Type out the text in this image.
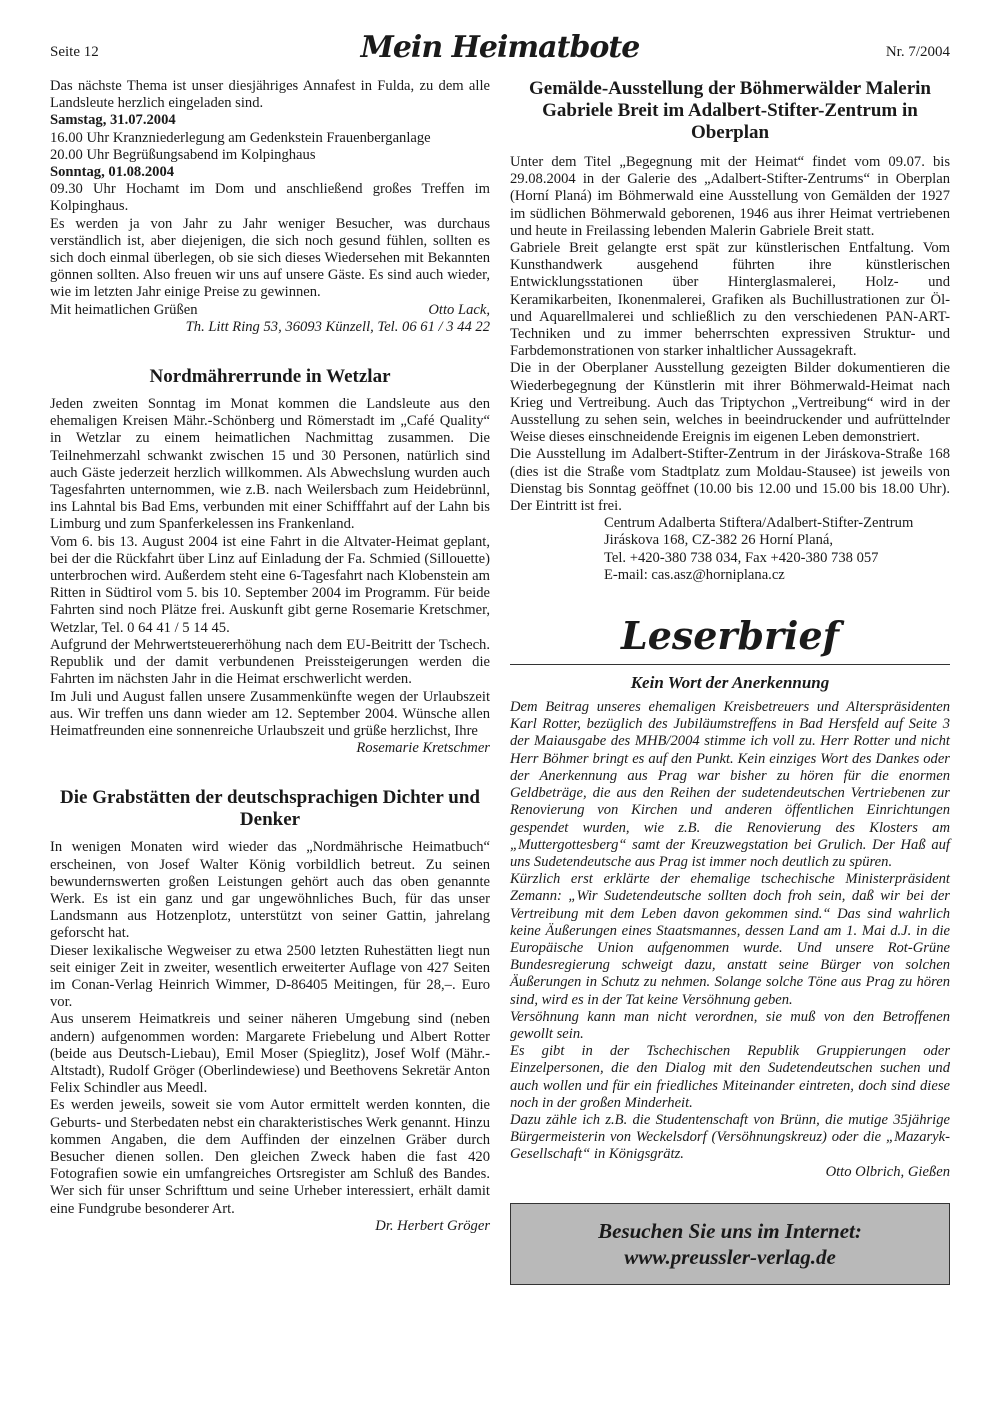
Seite 12	Mein Heimatbote	Nr. 7/2004

Das nächste Thema ist unser diesjähriges Annafest in Fulda, zu dem alle Landsleute herzlich eingeladen sind.

Samstag, 31.07.2004

16.00 Uhr Kranzniederlegung am Gedenkstein Frauenberganlage

20.00 Uhr Begrüßungsabend im Kolpinghaus

Sonntag, 01.08.2004

09.30 Uhr Hochamt im Dom und anschließend großes Treffen im Kolpinghaus.

Es werden ja von Jahr zu Jahr weniger Besucher, was durchaus verständlich ist, aber diejenigen, die sich noch gesund fühlen, sollten es sich doch einmal überlegen, ob sie sich dieses Wiedersehen mit Bekannten gönnen sollten. Also freuen wir uns auf unsere Gäste. Es sind auch wieder, wie im letzten Jahr einige Preise zu gewinnen.

Mit heimatlichen Grüßen	Otto Lack,

Th. Litt Ring 53, 36093 Künzell, Tel. 06 61 / 3 44 22

Nordmährerrunde in Wetzlar

Jeden zweiten Sonntag im Monat kommen die Landsleute aus den ehemaligen Kreisen Mähr.-Schönberg und Römerstadt im „Café Quality“ in Wetzlar zu einem heimatlichen Nachmittag zusammen. Die Teilnehmerzahl schwankt zwischen 15 und 30 Personen, natürlich sind auch Gäste jederzeit herzlich willkommen. Als Abwechslung wurden auch Tagesfahrten unternommen, wie z.B. nach Weilersbach zum Heidebrünnl, ins Lahntal bis Bad Ems, verbunden mit einer Schifffahrt auf der Lahn bis Limburg und zum Spanferkelessen ins Frankenland.

Vom 6. bis 13. August 2004 ist eine Fahrt in die Altvater-Heimat geplant, bei der die Rückfahrt über Linz auf Einladung der Fa. Schmied (Sillouette) unterbrochen wird. Außerdem steht eine 6-Tagesfahrt nach Klobenstein am Ritten in Südtirol vom 5. bis 10. September 2004 im Programm. Für beide Fahrten sind noch Plätze frei. Auskunft gibt gerne Rosemarie Kretschmer, Wetzlar, Tel. 0 64 41 / 5 14 45.

Aufgrund der Mehrwertsteuererhöhung nach dem EU-Beitritt der Tschech. Republik und der damit verbundenen Preissteigerungen werden die Fahrten im nächsten Jahr in die Heimat erschwerlicht werden.

Im Juli und August fallen unsere Zusammenkünfte wegen der Urlaubszeit aus. Wir treffen uns dann wieder am 12. September 2004. Wünsche allen Heimatfreunden eine sonnenreiche Urlaubszeit und grüße herzlichst, Ihre

Rosemarie Kretschmer

Die Grabstätten der deutschsprachigen Dichter und Denker

In wenigen Monaten wird wieder das „Nordmährische Heimatbuch“ erscheinen, von Josef Walter König vorbildlich betreut. Zu seinen bewundernswerten großen Leistungen gehört auch das oben genannte Werk. Es ist ein ganz und gar ungewöhnliches Buch, für das unser Landsmann aus Hotzenplotz, unterstützt von seiner Gattin, jahrelang geforscht hat.

Dieser lexikalische Wegweiser zu etwa 2500 letzten Ruhestätten liegt nun seit einiger Zeit in zweiter, wesentlich erweiterter Auflage von 427 Seiten im Conan-Verlag Heinrich Wimmer, D-86405 Meitingen, für 28,–. Euro vor.

Aus unserem Heimatkreis und seiner näheren Umgebung sind (neben andern) aufgenommen worden: Margarete Friebelung und Albert Rotter (beide aus Deutsch-Liebau), Emil Moser (Spieglitz), Josef Wolf (Mähr.-Altstadt), Rudolf Gröger (Oberlindewiese) und Beethovens Sekretär Anton Felix Schindler aus Meedl.

Es werden jeweils, soweit sie vom Autor ermittelt werden konnten, die Geburts- und Sterbedaten nebst ein charakteristisches Werk genannt. Hinzu kommen Angaben, die dem Auffinden der einzelnen Gräber durch Besucher dienen sollen. Den gleichen Zweck haben die fast 420 Fotografien sowie ein umfangreiches Ortsregister am Schluß des Bandes. Wer sich für unser Schrifttum und seine Urheber interessiert, erhält damit eine Fundgrube besonderer Art.

Dr. Herbert Gröger

Gemälde-Ausstellung der Böhmerwälder Malerin Gabriele Breit im Adalbert-Stifter-Zentrum in Oberplan

Unter dem Titel „Begegnung mit der Heimat“ findet vom 09.07. bis 29.08.2004 in der Galerie des „Adalbert-Stifter-Zentrums“ in Oberplan (Horní Planá) im Böhmerwald eine Ausstellung von Gemälden der 1927 im südlichen Böhmerwald geborenen, 1946 aus ihrer Heimat vertriebenen und heute in Freilassing lebenden Malerin Gabriele Breit statt.

Gabriele Breit gelangte erst spät zur künstlerischen Entfaltung. Vom Kunsthandwerk ausgehend führten ihre künstlerischen Entwicklungsstationen über Hinterglasmalerei, Holz- und Keramikarbeiten, Ikonenmalerei, Grafiken als Buchillustrationen zur Öl- und Aquarellmalerei und schließlich zu den verschiedenen PAN-ART-Techniken und zu immer beherrschten expressiven Struktur- und Farbdemonstrationen von starker inhaltlicher Aussagekraft.

Die in der Oberplaner Ausstellung gezeigten Bilder dokumentieren die Wiederbegegnung der Künstlerin mit ihrer Böhmerwald-Heimat nach Krieg und Vertreibung. Auch das Triptychon „Vertreibung“ wird in der Ausstellung zu sehen sein, welches in beeindruckender und aufrüttelnder Weise dieses einschneidende Ereignis im eigenen Leben demonstriert.

Die Ausstellung im Adalbert-Stifter-Zentrum in der Jiráskova-Straße 168 (dies ist die Straße vom Stadtplatz zum Moldau-Stausee) ist jeweils von Dienstag bis Sonntag geöffnet (10.00 bis 12.00 und 15.00 bis 18.00 Uhr). Der Eintritt ist frei.

Centrum Adalberta Stiftera/Adalbert-Stifter-Zentrum

Jiráskova 168, CZ-382 26 Horní Planá,

Tel. +420-380 738 034, Fax +420-380 738 057

E-mail: cas.asz@horniplana.cz

Leserbrief
Kein Wort der Anerkennung

Dem Beitrag unseres ehemaligen Kreisbetreuers und Alterspräsidenten Karl Rotter, bezüglich des Jubiläumstreffens in Bad Hersfeld auf Seite 3 der Maiausgabe des MHB/2004 stimme ich voll zu. Herr Rotter und nicht Herr Böhmer bringt es auf den Punkt. Kein einziges Wort des Dankes oder der Anerkennung aus Prag war bisher zu hören für die enormen Geldbeträge, die aus den Reihen der sudetendeutschen Vertriebenen zur Renovierung von Kirchen und anderen öffentlichen Einrichtungen gespendet wurden, wie z.B. die Renovierung des Klosters am „Muttergottesberg“ samt der Kreuzwegstation bei Grulich. Der Haß auf uns Sudetendeutsche aus Prag ist immer noch deutlich zu spüren.

Kürzlich erst erklärte der ehemalige tschechische Ministerpräsident Zemann: „Wir Sudetendeutsche sollten doch froh sein, daß wir bei der Vertreibung mit dem Leben davon gekommen sind.“ Das sind wahrlich keine Äußerungen eines Staatsmannes, dessen Land am 1. Mai d.J. in die Europäische Union aufgenommen wurde. Und unsere Rot-Grüne Bundesregierung schweigt dazu, anstatt seine Bürger von solchen Äußerungen in Schutz zu nehmen. Solange solche Töne aus Prag zu hören sind, wird es in der Tat keine Versöhnung geben.

Versöhnung kann man nicht verordnen, sie muß von den Betroffenen gewollt sein.

Es gibt in der Tschechischen Republik Gruppierungen oder Einzelpersonen, die den Dialog mit den Sudetendeutschen suchen und auch wollen und für ein friedliches Miteinander eintreten, doch sind diese noch in der großen Minderheit.

Dazu zähle ich z.B. die Studentenschaft von Brünn, die mutige 35jährige Bürgermeisterin von Weckelsdorf (Versöhnungskreuz) oder die „Mazaryk-Gesellschaft“ in Königsgrätz.

Otto Olbrich, Gießen

Besuchen Sie uns im Internet:
www.preussler-verlag.de
